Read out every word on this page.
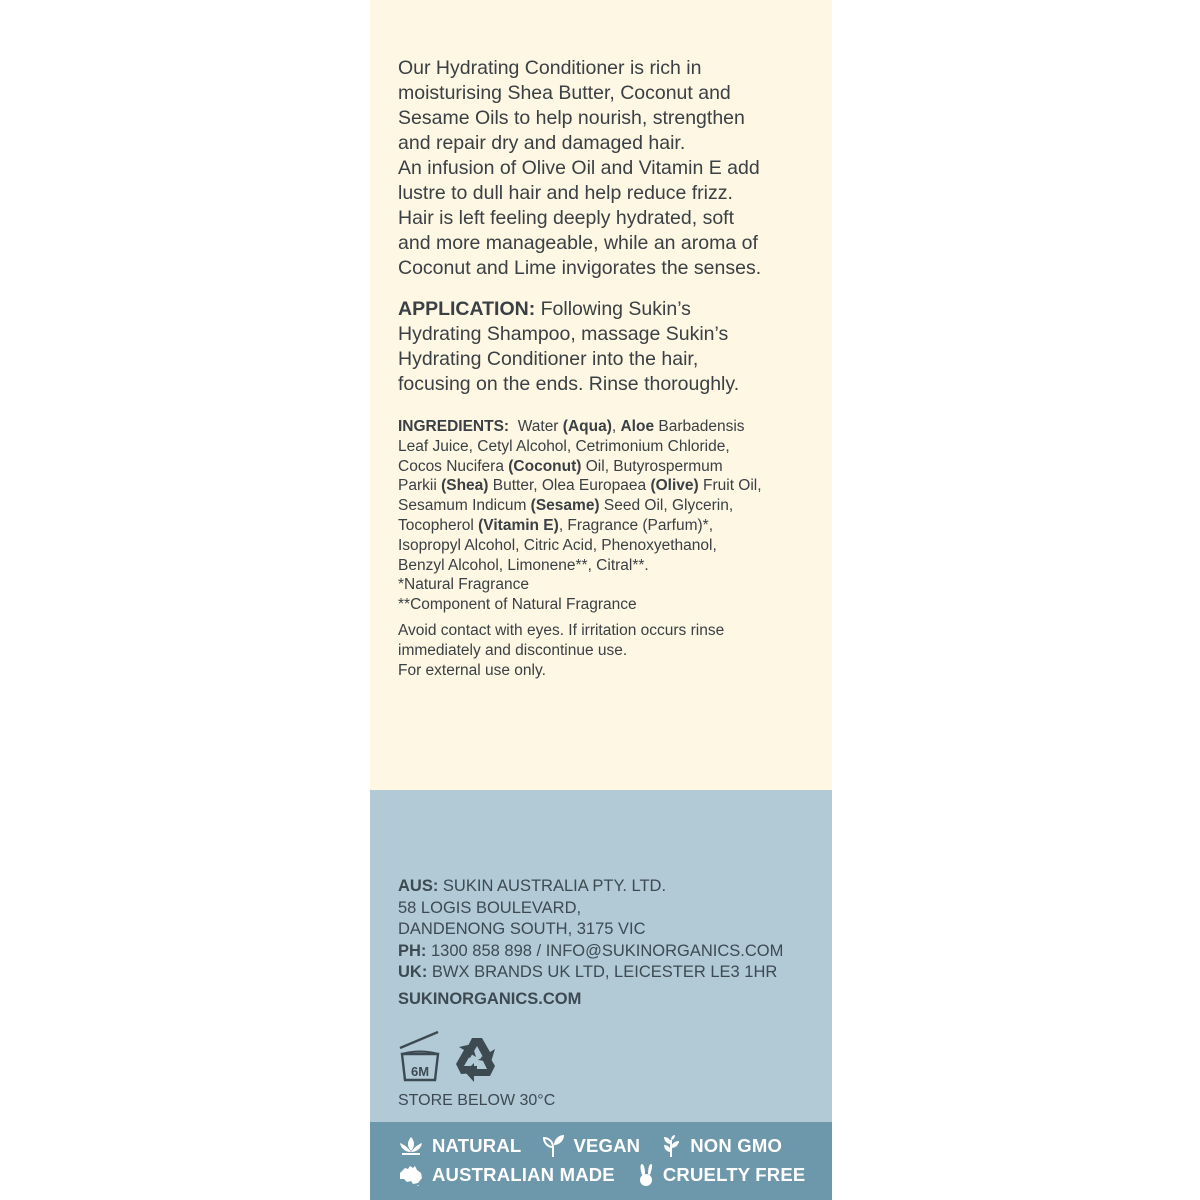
Our Hydrating Conditioner is rich in

moisturising Shea Butter, Coconut and

Sesame Oils to help nourish, strengthen

and repair dry and damaged hair.

An infusion of Olive Oil and Vitamin E add

lustre to dull hair and help reduce frizz.

Hair is left feeling deeply hydrated, soft

and more manageable, while an aroma of

Coconut and Lime invigorates the senses.

APPLICATION: Following Sukin’s

Hydrating Shampoo, massage Sukin’s

Hydrating Conditioner into the hair,

focusing on the ends. Rinse thoroughly.

INGREDIENTS:  Water (Aqua), Aloe Barbadensis

Leaf Juice, Cetyl Alcohol, Cetrimonium Chloride,

Cocos Nucifera (Coconut) Oil, Butyrospermum

Parkii (Shea) Butter, Olea Europaea (Olive) Fruit Oil,

Sesamum Indicum (Sesame) Seed Oil, Glycerin,

Tocopherol (Vitamin E), Fragrance (Parfum)*,

Isopropyl Alcohol, Citric Acid, Phenoxyethanol,

Benzyl Alcohol, Limonene**, Citral**.

*Natural Fragrance

**Component of Natural Fragrance

Avoid contact with eyes. If irritation occurs rinse

immediately and discontinue use.

For external use only.

AUS: SUKIN AUSTRALIA PTY. LTD.

58 LOGIS BOULEVARD,

DANDENONG SOUTH, 3175 VIC

PH: 1300 858 898 / INFO@SUKINORGANICS.COM

UK: BWX BRANDS UK LTD, LEICESTER LE3 1HR

SUKINORGANICS.COM
6M
STORE BELOW 30°C
NATURAL	VEGAN	NON GMO
AUSTRALIAN MADE	CRUELTY FREE
